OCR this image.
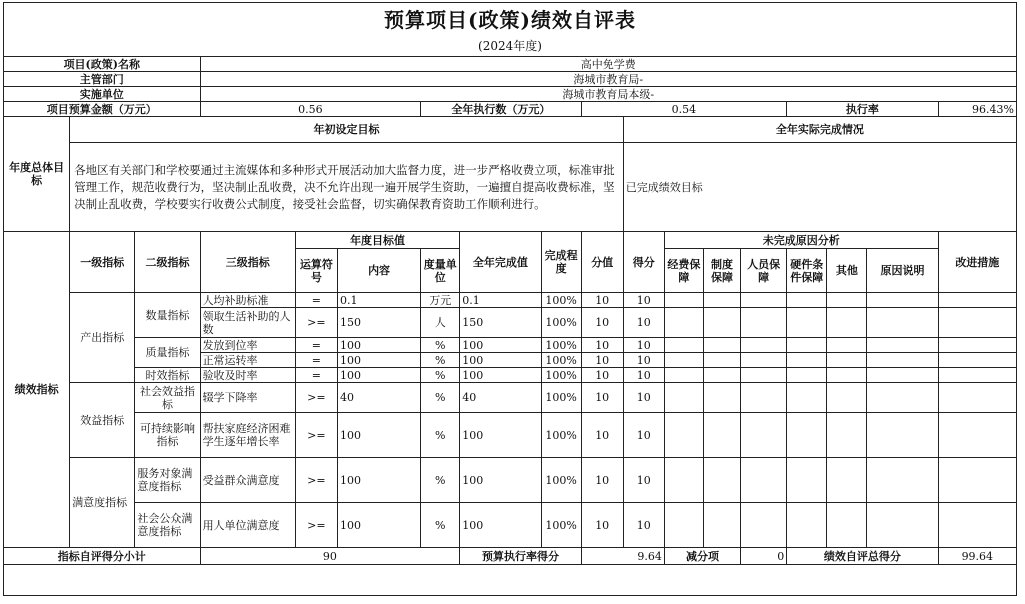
预算项目(政策)绩效自评表
(2024年度)
项目(政策)名称			高中免学费														
主管部门			海城市教育局-														
实施单位			海城市教育局本级-														
项目预算金额（万元）			0.56			全年执行数（万元）			0.54					执行率			96.43%
年度总体目标	年初设定目标									全年实际完成情况							
	各地区有关部门和学校要通过主流媒体和多种形式开展活动加大监督力度，进一步严格收费立项，标准审批管理工作，规范收费行为，坚决制止乱收费，决不允许出现一遍开展学生资助，一遍擅自提高收费标准，坚决制止乱收费，学校要实行收费公式制度，接受社会监督，切实确保教育资助工作顺利进行。									已完成绩效目标							
绩效指标	一级指标	二级指标	三级指标	年度目标值			全年完成值	完成程度	分值	得分	未完成原因分析						改进措施
				运算符号	内容	度量单位					经费保障	制度保障	人员保障	硬件条件保障	其他	原因说明	

	产出指标	数量指标	人均补助标准	=	0.1	万元	0.1	100%	10	10							
			领取生活补助的人数	>=	150	人	150	100%	10	10							
		质量指标	发放到位率	=	100	%	100	100%	10	10							
			正常运转率	=	100	%	100	100%	10	10							
		时效指标	验收及时率	=	100	%	100	100%	10	10							
	效益指标	社会效益指标	辍学下降率	>=	40	%	40	100%	10	10							
		可持续影响指标	帮扶家庭经济困难学生逐年增长率	>=	100	%	100	100%	10	10							
	满意度指标	服务对象满意度指标	受益群众满意度	>=	100	%	100	100%	10	10							
		社会公众满意度指标	用人单位满意度	>=	100	%	100	100%	10	10							
指标自评得分小计			90				预算执行率得分		9.64		减分项		0	绩效自评总得分			99.64
